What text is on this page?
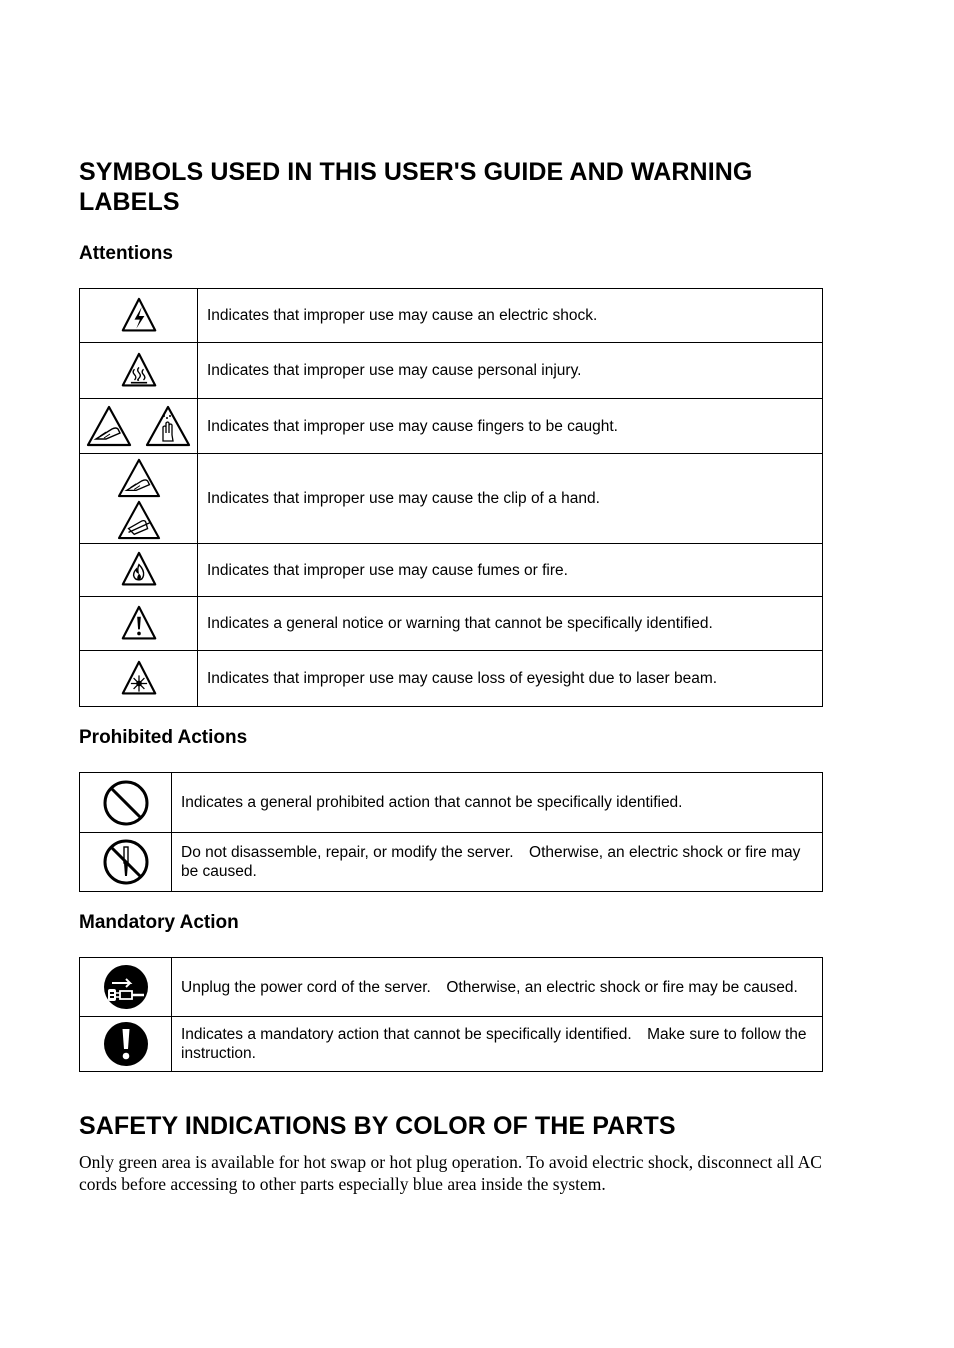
SYMBOLS USED IN THIS USER'S GUIDE AND WARNING LABELS
Attentions
	Indicates that improper use may cause an electric shock.

	Indicates that improper use may cause personal injury.

	Indicates that improper use may cause fingers to be caught.

	Indicates that improper use may cause the clip of a hand.

	Indicates that improper use may cause fumes or fire.

	Indicates a general notice or warning that cannot be specifically identified.

	Indicates that improper use may cause loss of eyesight due to laser beam.
Prohibited Actions
	Indicates a general prohibited action that cannot be specifically identified.

	Do not disassemble, repair, or modify the server.　Otherwise, an electric shock or fire may be caused.
Mandatory Action
	Unplug the power cord of the server.　Otherwise, an electric shock or fire may be caused.

	Indicates a mandatory action that cannot be specifically identified.　Make sure to follow the instruction.
SAFETY INDICATIONS BY COLOR OF THE PARTS

Only green area is available for hot swap or hot plug operation. To avoid electric shock, disconnect all AC cords before accessing to other parts especially blue area inside the system.
